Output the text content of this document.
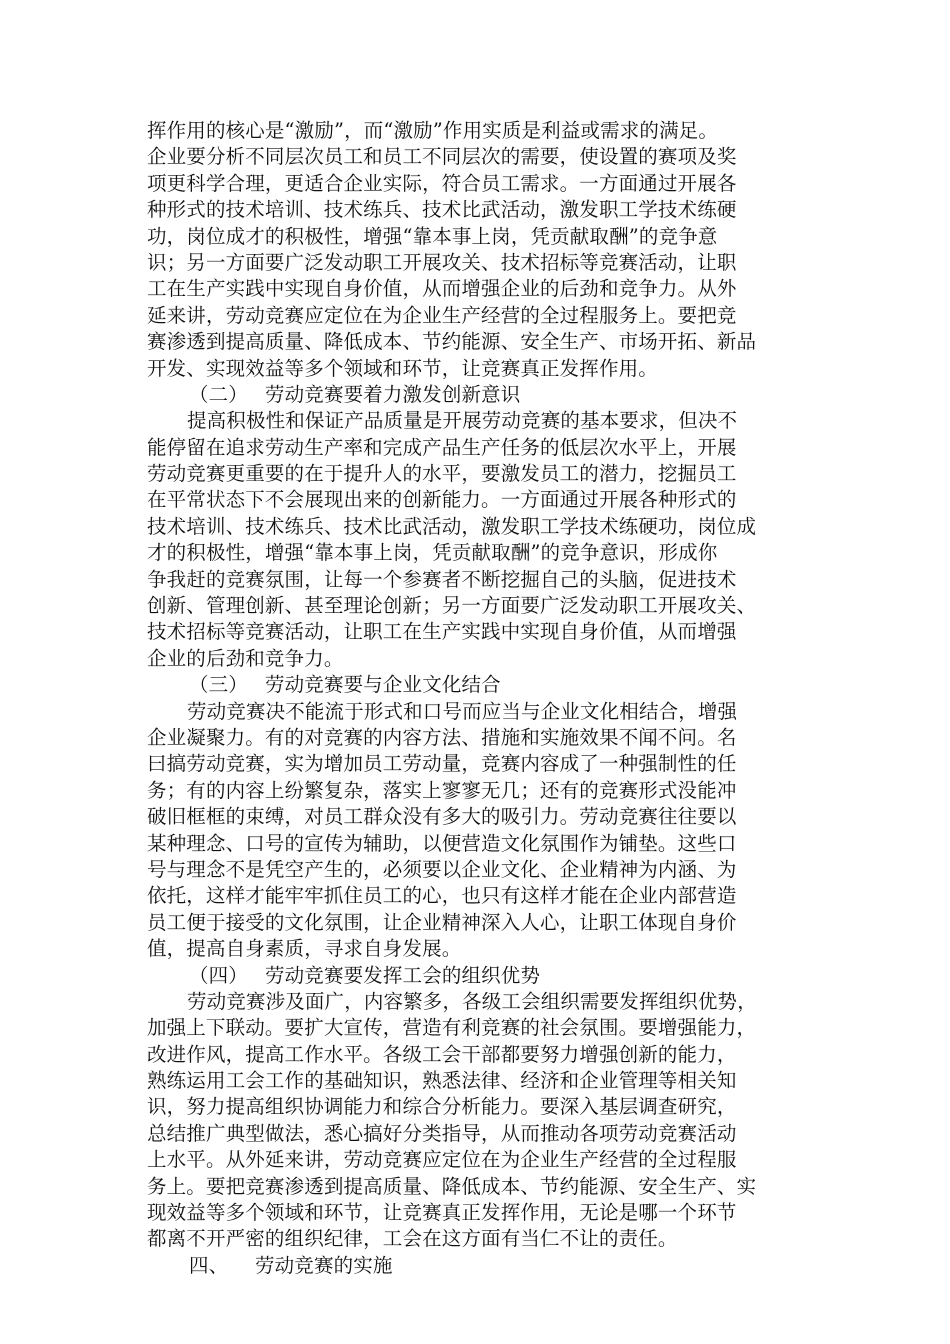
挥作用的核心是“激励”，而“激励”作用实质是利益或需求的满足。
企业要分析不同层次员工和员工不同层次的需要，使设置的赛项及奖
项更科学合理，更适合企业实际，符合员工需求。一方面通过开展各
种形式的技术培训、技术练兵、技术比武活动，激发职工学技术练硬
功，岗位成才的积极性，增强“靠本事上岗，凭贡献取酬”的竞争意
识；另一方面要广泛发动职工开展攻关、技术招标等竞赛活动，让职
工在生产实践中实现自身价值，从而增强企业的后劲和竞争力。从外
延来讲，劳动竞赛应定位在为企业生产经营的全过程服务上。要把竞
赛渗透到提高质量、降低成本、节约能源、安全生产、市场开拓、新品
开发、实现效益等多个领域和环节，让竞赛真正发挥作用。
（二） 劳动竞赛要着力激发创新意识
提高积极性和保证产品质量是开展劳动竞赛的基本要求，但决不
能停留在追求劳动生产率和完成产品生产任务的低层次水平上，开展
劳动竞赛更重要的在于提升人的水平，要激发员工的潜力，挖掘员工
在平常状态下不会展现出来的创新能力。一方面通过开展各种形式的
技术培训、技术练兵、技术比武活动，激发职工学技术练硬功，岗位成
才的积极性，增强“靠本事上岗，凭贡献取酬”的竞争意识，形成你
争我赶的竞赛氛围，让每一个参赛者不断挖掘自己的头脑，促进技术
创新、管理创新、甚至理论创新；另一方面要广泛发动职工开展攻关、
技术招标等竞赛活动，让职工在生产实践中实现自身价值，从而增强
企业的后劲和竞争力。
（三） 劳动竞赛要与企业文化结合
劳动竞赛决不能流于形式和口号而应当与企业文化相结合，增强
企业凝聚力。有的对竞赛的内容方法、措施和实施效果不闻不问。名
曰搞劳动竞赛，实为增加员工劳动量，竞赛内容成了一种强制性的任
务；有的内容上纷繁复杂，落实上寥寥无几；还有的竞赛形式没能冲
破旧框框的束缚，对员工群众没有多大的吸引力。劳动竞赛往往要以
某种理念、口号的宣传为辅助，以便营造文化氛围作为铺垫。这些口
号与理念不是凭空产生的，必须要以企业文化、企业精神为内涵、为
依托，这样才能牢牢抓住员工的心，也只有这样才能在企业内部营造
员工便于接受的文化氛围，让企业精神深入人心，让职工体现自身价
值，提高自身素质，寻求自身发展。
（四） 劳动竞赛要发挥工会的组织优势
劳动竞赛涉及面广，内容繁多，各级工会组织需要发挥组织优势，
加强上下联动。要扩大宣传，营造有利竞赛的社会氛围。要增强能力，
改进作风，提高工作水平。各级工会干部都要努力增强创新的能力，
熟练运用工会工作的基础知识，熟悉法律、经济和企业管理等相关知
识，努力提高组织协调能力和综合分析能力。要深入基层调查研究，
总结推广典型做法，悉心搞好分类指导，从而推动各项劳动竞赛活动
上水平。从外延来讲，劳动竞赛应定位在为企业生产经营的全过程服
务上。要把竞赛渗透到提高质量、降低成本、节约能源、安全生产、实
现效益等多个领域和环节，让竞赛真正发挥作用，无论是哪一个环节
都离不开严密的组织纪律，工会在这方面有当仁不让的责任。
四、 劳动竞赛的实施
